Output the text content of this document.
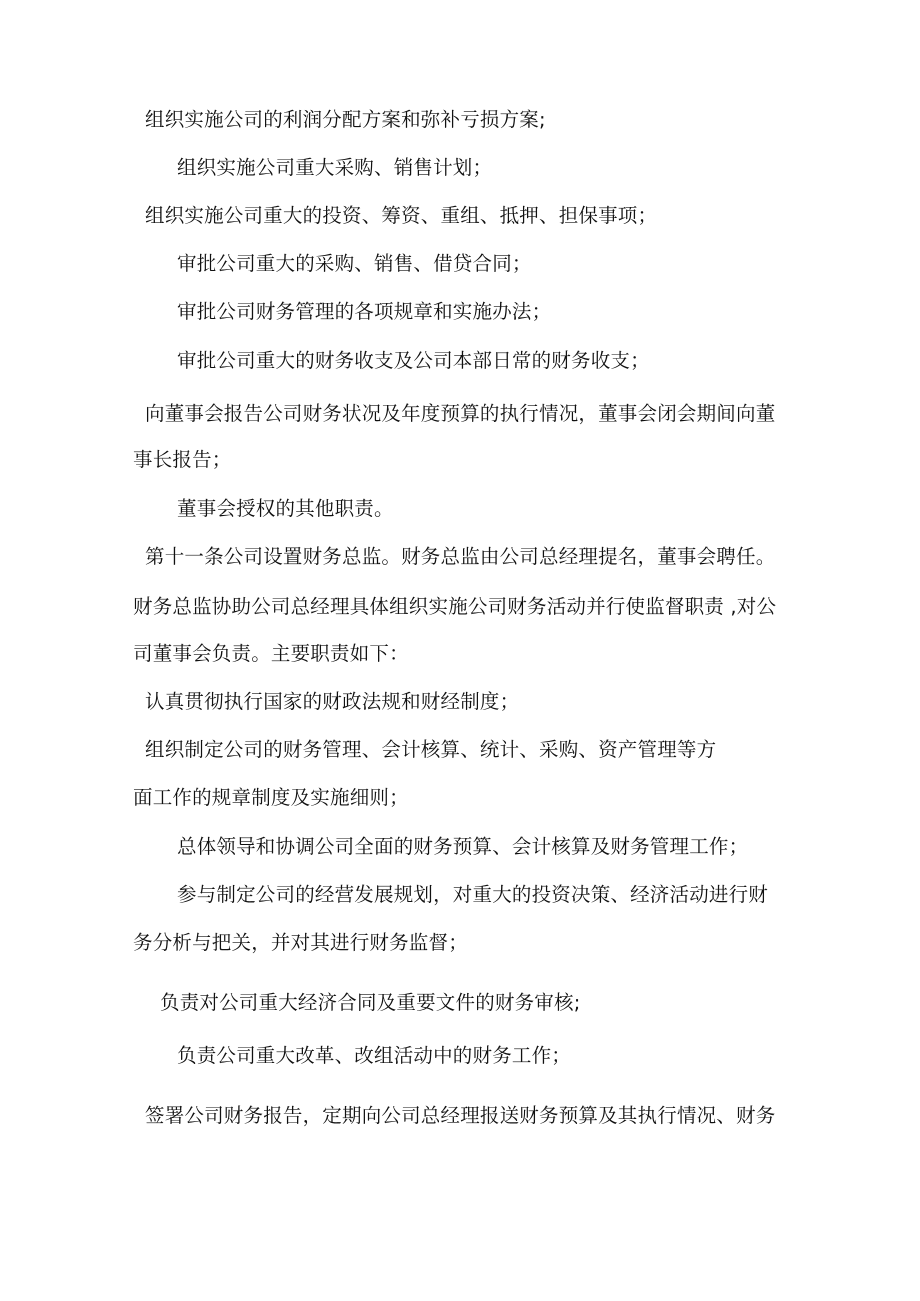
组织实施公司的利润分配方案和弥补亏损方案;
组织实施公司重大采购、销售计划；
组织实施公司重大的投资、筹资、重组、抵押、担保事项；
审批公司重大的采购、销售、借贷合同；
审批公司财务管理的各项规章和实施办法；
审批公司重大的财务收支及公司本部日常的财务收支；
向董事会报告公司财务状况及年度预算的执行情况，董事会闭会期间向董
事长报告；
董事会授权的其他职责。
第十一条公司设置财务总监。财务总监由公司总经理提名，董事会聘任。
财务总监协助公司总经理具体组织实施公司财务活动并行使监督职责 ,对公
司董事会负责。主要职责如下：
认真贯彻执行国家的财政法规和财经制度；
组织制定公司的财务管理、会计核算、统计、采购、资产管理等方
面工作的规章制度及实施细则；
总体领导和协调公司全面的财务预算、会计核算及财务管理工作；
参与制定公司的经营发展规划，对重大的投资决策、经济活动进行财
务分析与把关，并对其进行财务监督；
负责对公司重大经济合同及重要文件的财务审核;
负责公司重大改革、改组活动中的财务工作；
签署公司财务报告，定期向公司总经理报送财务预算及其执行情况、财务
